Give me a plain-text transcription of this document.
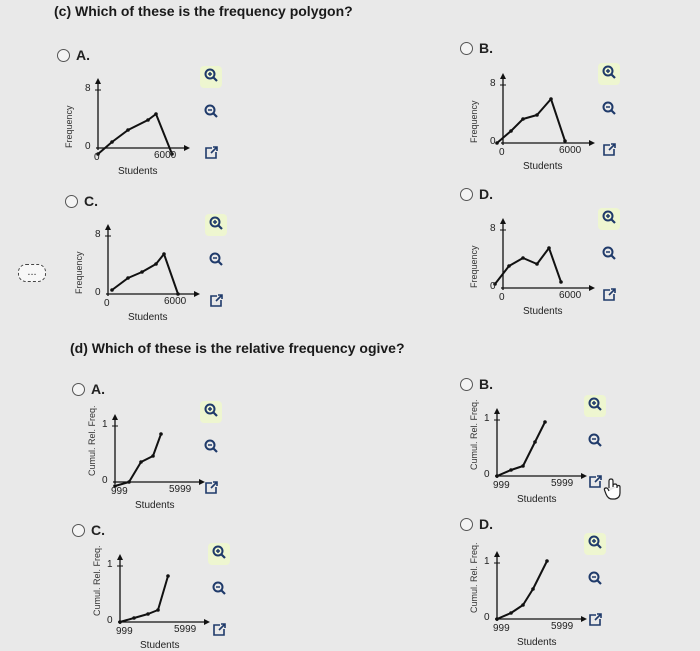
(c) Which of these is the frequency polygon?
...
(d) Which of these is the relative frequency ogive?
A.
Frequency
8
0
0	6000
Students
B.
Frequency
8
0
0	6000
Students
C.
Frequency
8
0
0	6000
Students
D.
Frequency
8
0
0	6000
Students
A.
Cumul. Rel. Freq. 1
0
999	5999
Students
B.
Cumul. Rel. Freq. 1
0
999	5999
Students
C.
Cumul. Rel. Freq. 1
0
999	5999
Students
D.
Cumul. Rel. Freq. 1
0
999	5999
Students
